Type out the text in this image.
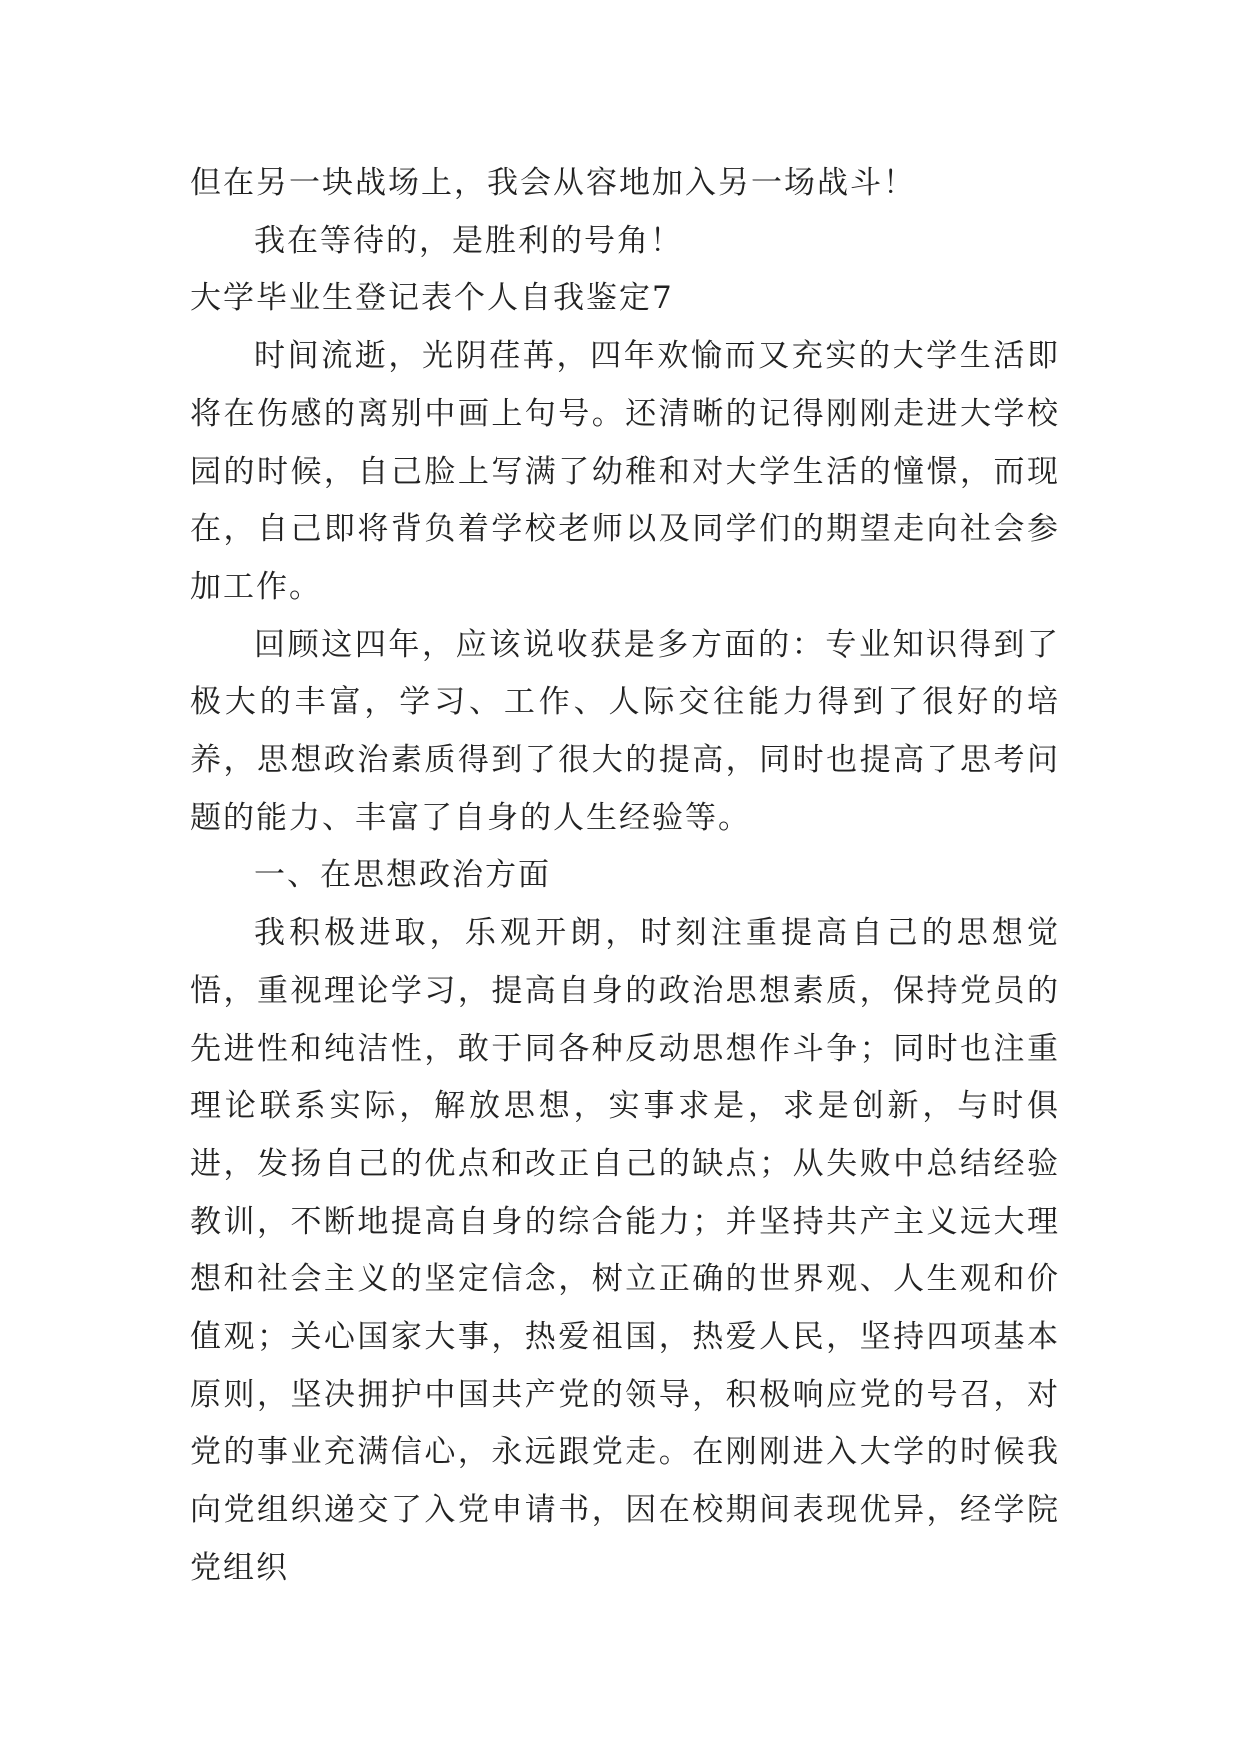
但在另一块战场上，我会从容地加入另一场战斗！

我在等待的，是胜利的号角！

大学毕业生登记表个人自我鉴定7

时间流逝，光阴荏苒，四年欢愉而又充实的大学生活即将在伤感的离别中画上句号。还清晰的记得刚刚走进大学校园的时候，自己脸上写满了幼稚和对大学生活的憧憬，而现在，自己即将背负着学校老师以及同学们的期望走向社会参加工作。

回顾这四年，应该说收获是多方面的：专业知识得到了极大的丰富，学习、工作、人际交往能力得到了很好的培养，思想政治素质得到了很大的提高，同时也提高了思考问题的能力、丰富了自身的人生经验等。

一、在思想政治方面

我积极进取，乐观开朗，时刻注重提高自己的思想觉悟，重视理论学习，提高自身的政治思想素质，保持党员的先进性和纯洁性，敢于同各种反动思想作斗争；同时也注重理论联系实际，解放思想，实事求是，求是创新，与时俱进，发扬自己的优点和改正自己的缺点；从失败中总结经验教训，不断地提高自身的综合能力；并坚持共产主义远大理想和社会主义的坚定信念，树立正确的世界观、人生观和价值观；关心国家大事，热爱祖国，热爱人民，坚持四项基本原则，坚决拥护中国共产党的领导，积极响应党的号召，对党的事业充满信心，永远跟党走。在刚刚进入大学的时候我向党组织递交了入党申请书，因在校期间表现优异，经学院党组织
